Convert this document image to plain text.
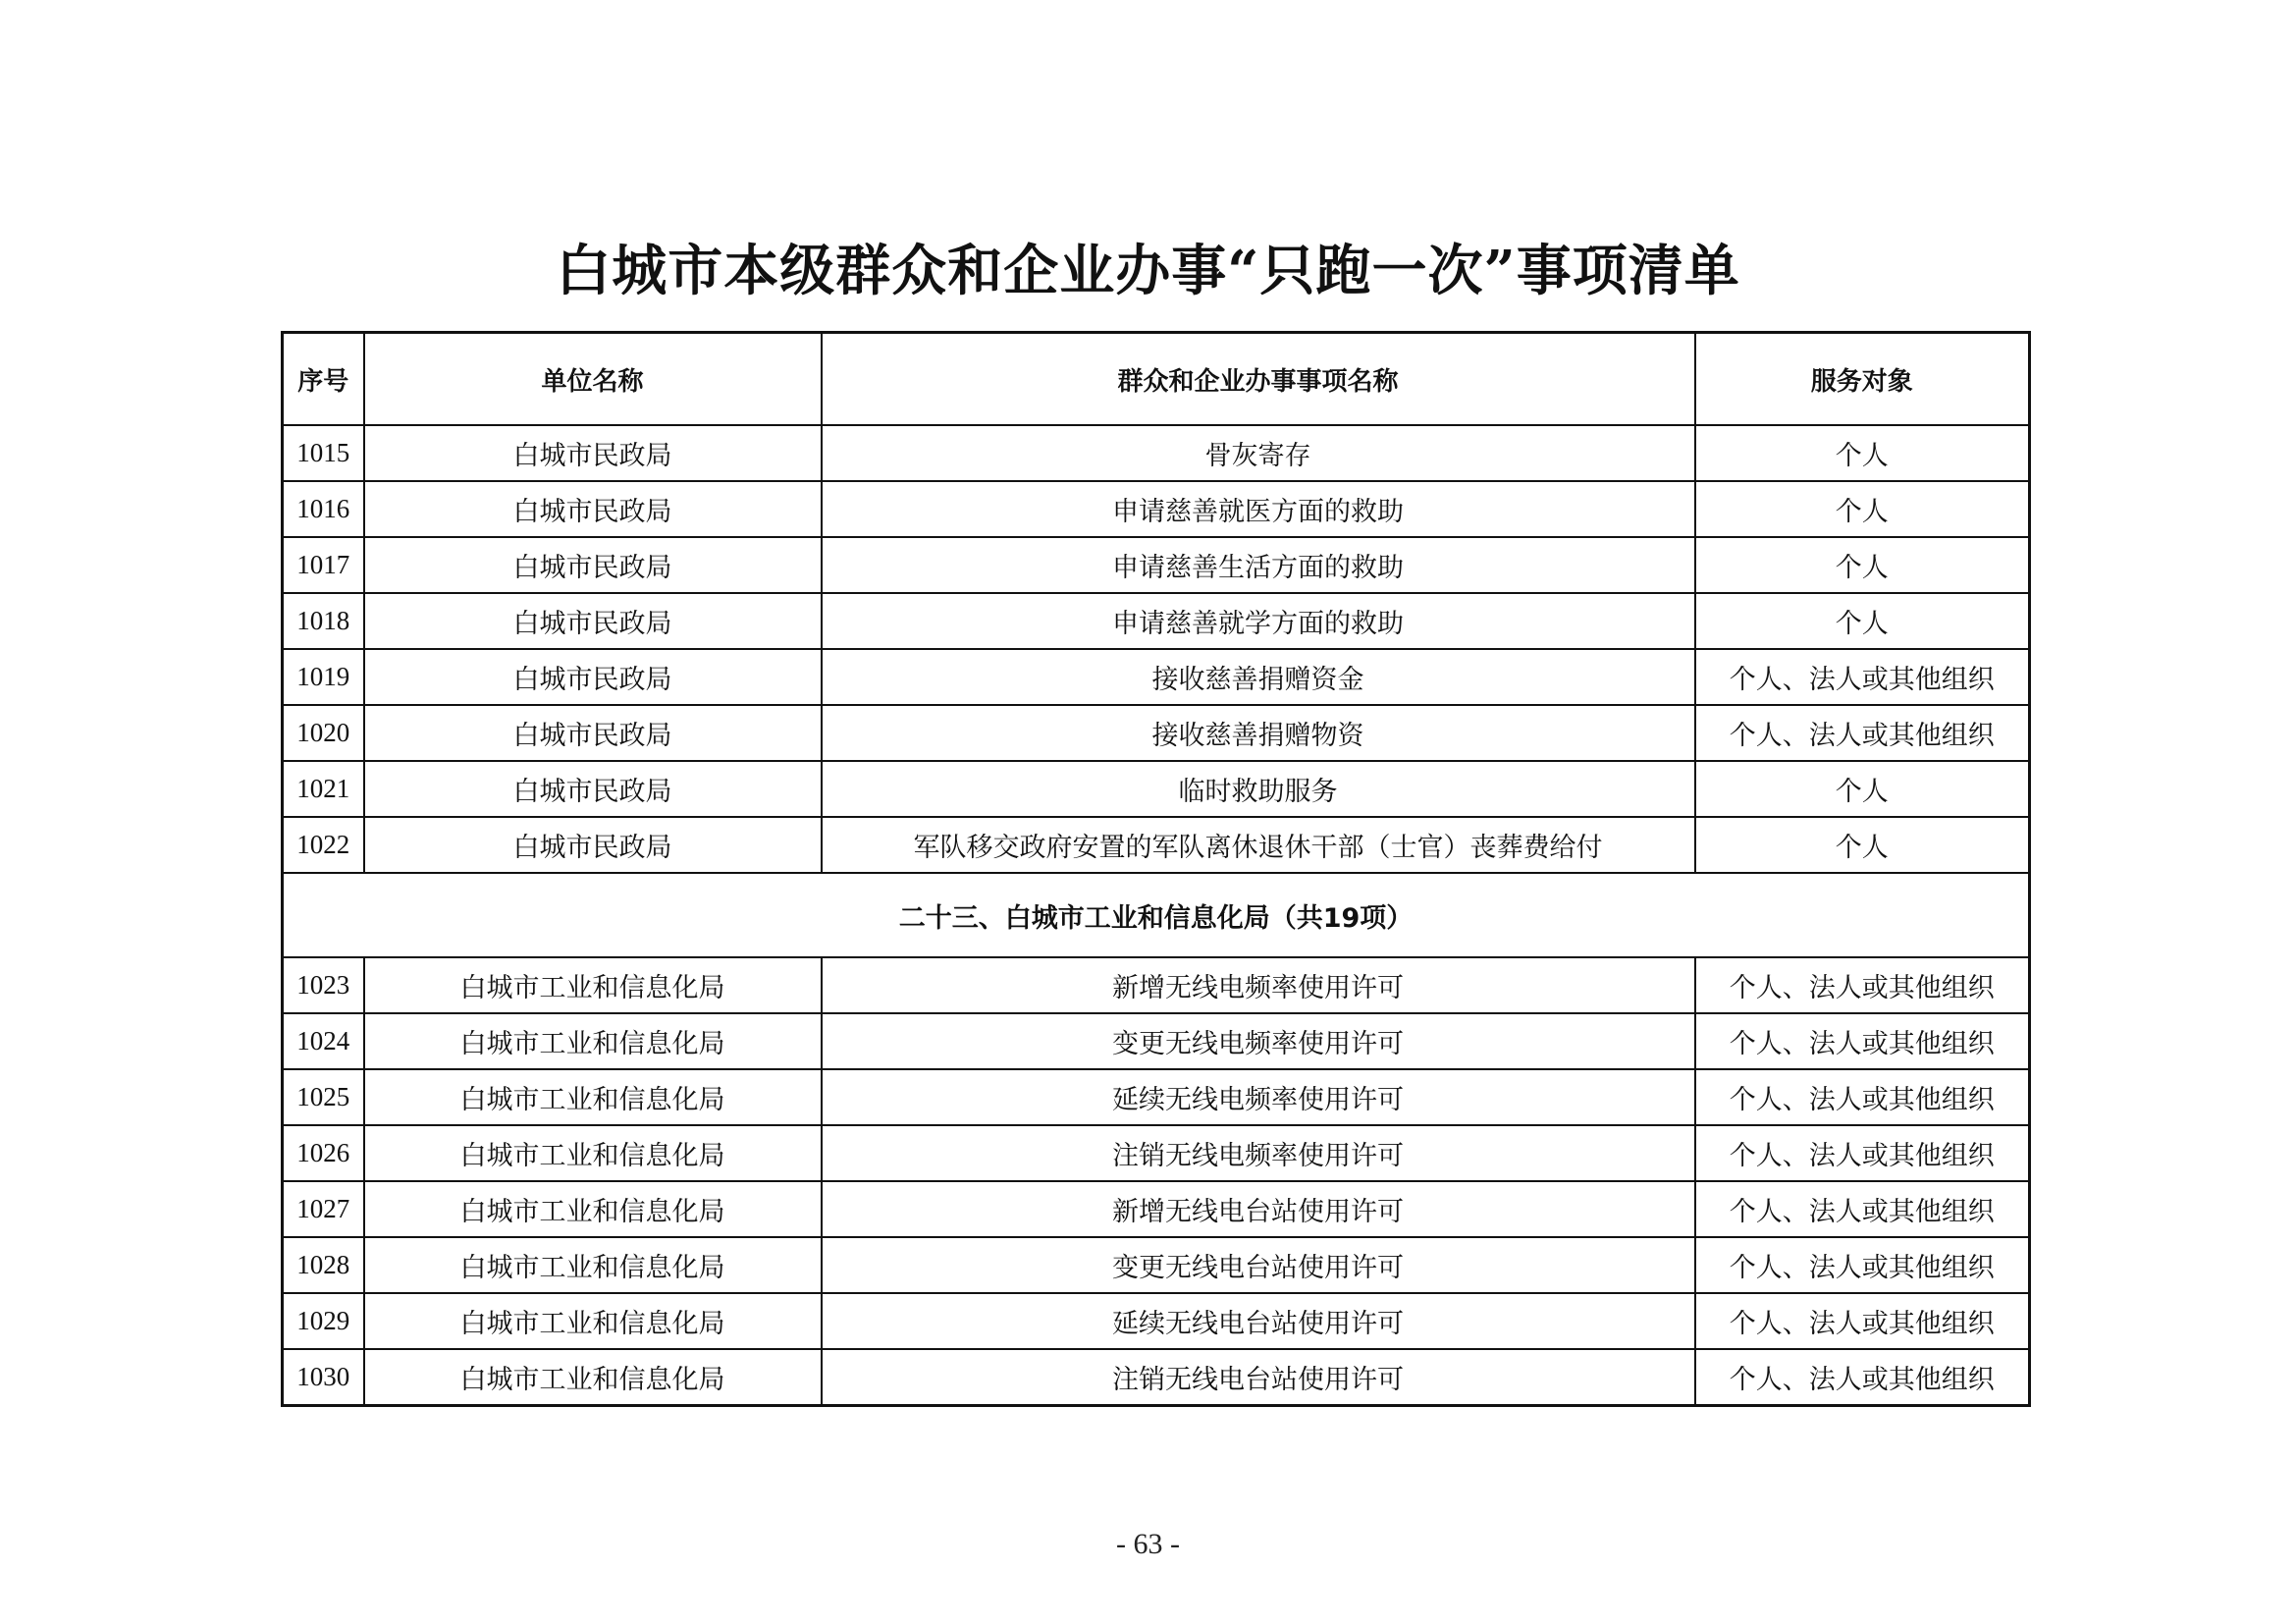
白城市本级群众和企业办事“只跑一次”事项清单
序号	单位名称	群众和企业办事事项名称	服务对象
1015	白城市民政局	骨灰寄存	个人
1016	白城市民政局	申请慈善就医方面的救助	个人
1017	白城市民政局	申请慈善生活方面的救助	个人
1018	白城市民政局	申请慈善就学方面的救助	个人
1019	白城市民政局	接收慈善捐赠资金	个人、法人或其他组织
1020	白城市民政局	接收慈善捐赠物资	个人、法人或其他组织
1021	白城市民政局	临时救助服务	个人
1022	白城市民政局	军队移交政府安置的军队离休退休干部（士官）丧葬费给付	个人
二十三、白城市工业和信息化局（共19项）			
1023	白城市工业和信息化局	新增无线电频率使用许可	个人、法人或其他组织
1024	白城市工业和信息化局	变更无线电频率使用许可	个人、法人或其他组织
1025	白城市工业和信息化局	延续无线电频率使用许可	个人、法人或其他组织
1026	白城市工业和信息化局	注销无线电频率使用许可	个人、法人或其他组织
1027	白城市工业和信息化局	新增无线电台站使用许可	个人、法人或其他组织
1028	白城市工业和信息化局	变更无线电台站使用许可	个人、法人或其他组织
1029	白城市工业和信息化局	延续无线电台站使用许可	个人、法人或其他组织
1030	白城市工业和信息化局	注销无线电台站使用许可	个人、法人或其他组织
- 63 -
